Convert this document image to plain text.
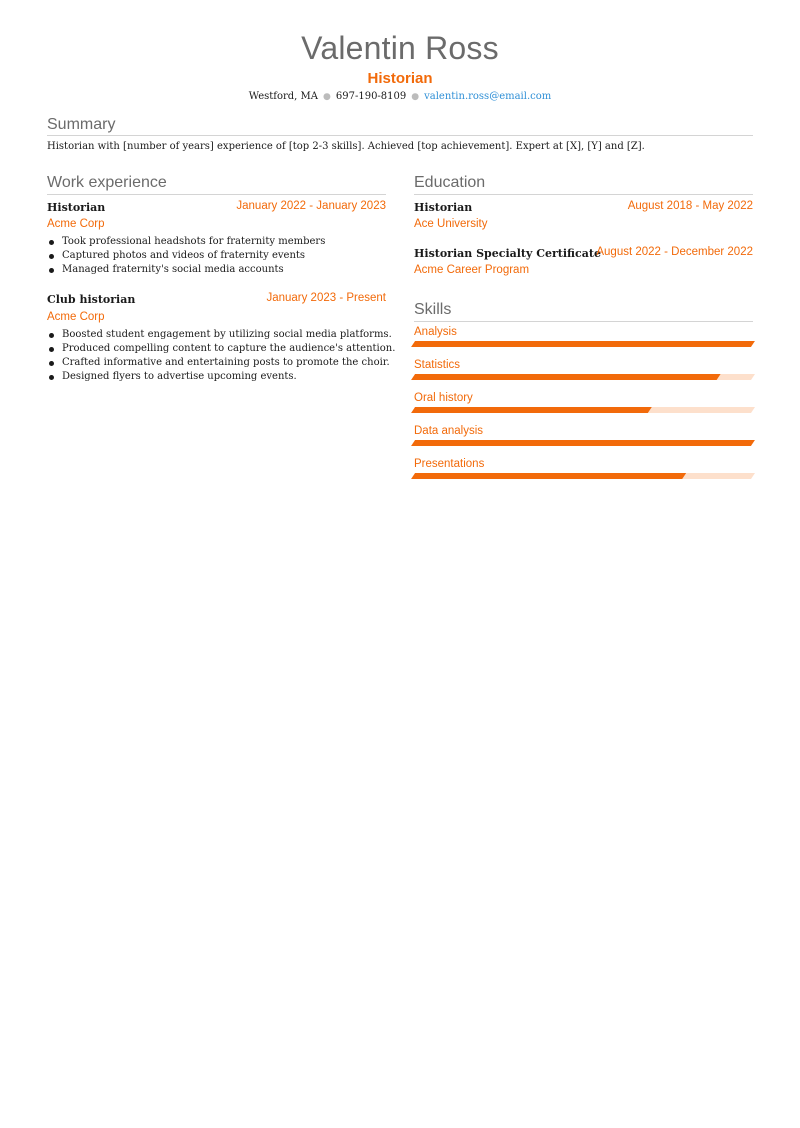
Valentin Ross
Historian
Westford, MA ● 697-190-8109 ● valentin.ross@email.com
Summary
Historian with [number of years] experience of [top 2-3 skills]. Achieved [top achievement]. Expert at [X], [Y] and [Z].
Work experience
Historian	January 2022 - January 2023
Acme Corp
Took professional headshots for fraternity members
Captured photos and videos of fraternity events
Managed fraternity's social media accounts
Club historian	January 2023 - Present
Acme Corp
Boosted student engagement by utilizing social media platforms.
Produced compelling content to capture the audience's attention.
Crafted informative and entertaining posts to promote the choir.
Designed flyers to advertise upcoming events.
Education
Historian	August 2018 - May 2022
Ace University
Historian Specialty Certificate
August 2022 - December 2022
Acme Career Program
Skills
Analysis
Statistics
Oral history
Data analysis
Presentations
